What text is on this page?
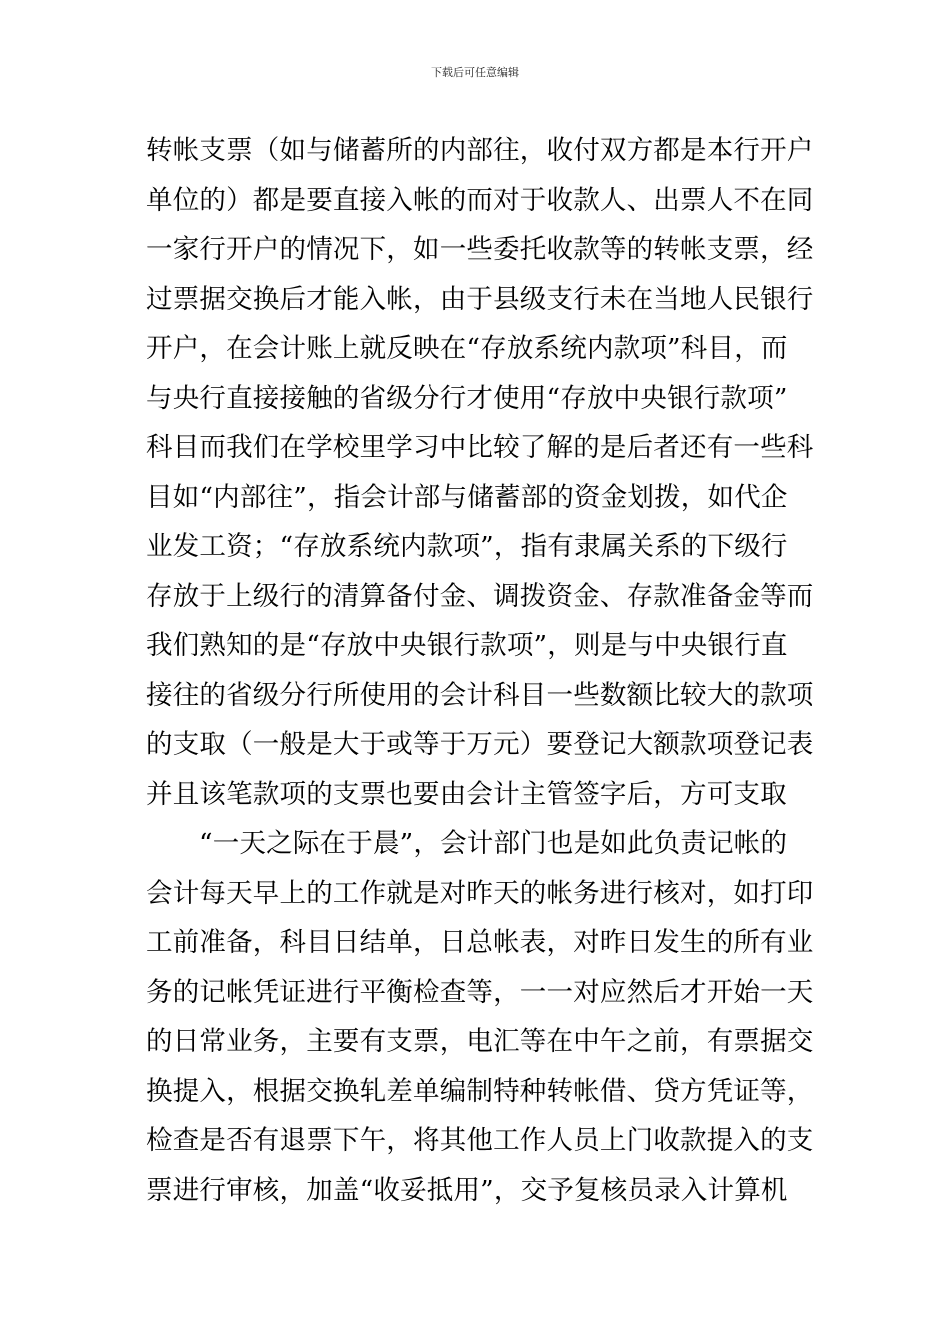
下载后可任意编辑
转帐支票（如与储蓄所的内部往，收付双方都是本行开户
单位的）都是要直接入帐的而对于收款人、出票人不在同
一家行开户的情况下，如一些委托收款等的转帐支票，经
过票据交换后才能入帐，由于县级支行未在当地人民银行
开户，在会计账上就反映在“存放系统内款项”科目，而
与央行直接接触的省级分行才使用“存放中央银行款项”
科目而我们在学校里学习中比较了解的是后者还有一些科
目如“内部往”，指会计部与储蓄部的资金划拨，如代企
业发工资；“存放系统内款项”，指有隶属关系的下级行
存放于上级行的清算备付金、调拨资金、存款准备金等而
我们熟知的是“存放中央银行款项”，则是与中央银行直
接往的省级分行所使用的会计科目一些数额比较大的款项
的支取（一般是大于或等于万元）要登记大额款项登记表
并且该笔款项的支票也要由会计主管签字后，方可支取
“一天之际在于晨”，会计部门也是如此负责记帐的
会计每天早上的工作就是对昨天的帐务进行核对，如打印
工前准备，科目日结单，日总帐表，对昨日发生的所有业
务的记帐凭证进行平衡检查等，一一对应然后才开始一天
的日常业务，主要有支票，电汇等在中午之前，有票据交
换提入，根据交换轧差单编制特种转帐借、贷方凭证等，
检查是否有退票下午，将其他工作人员上门收款提入的支
票进行审核，加盖“收妥抵用”，交予复核员录入计算机
